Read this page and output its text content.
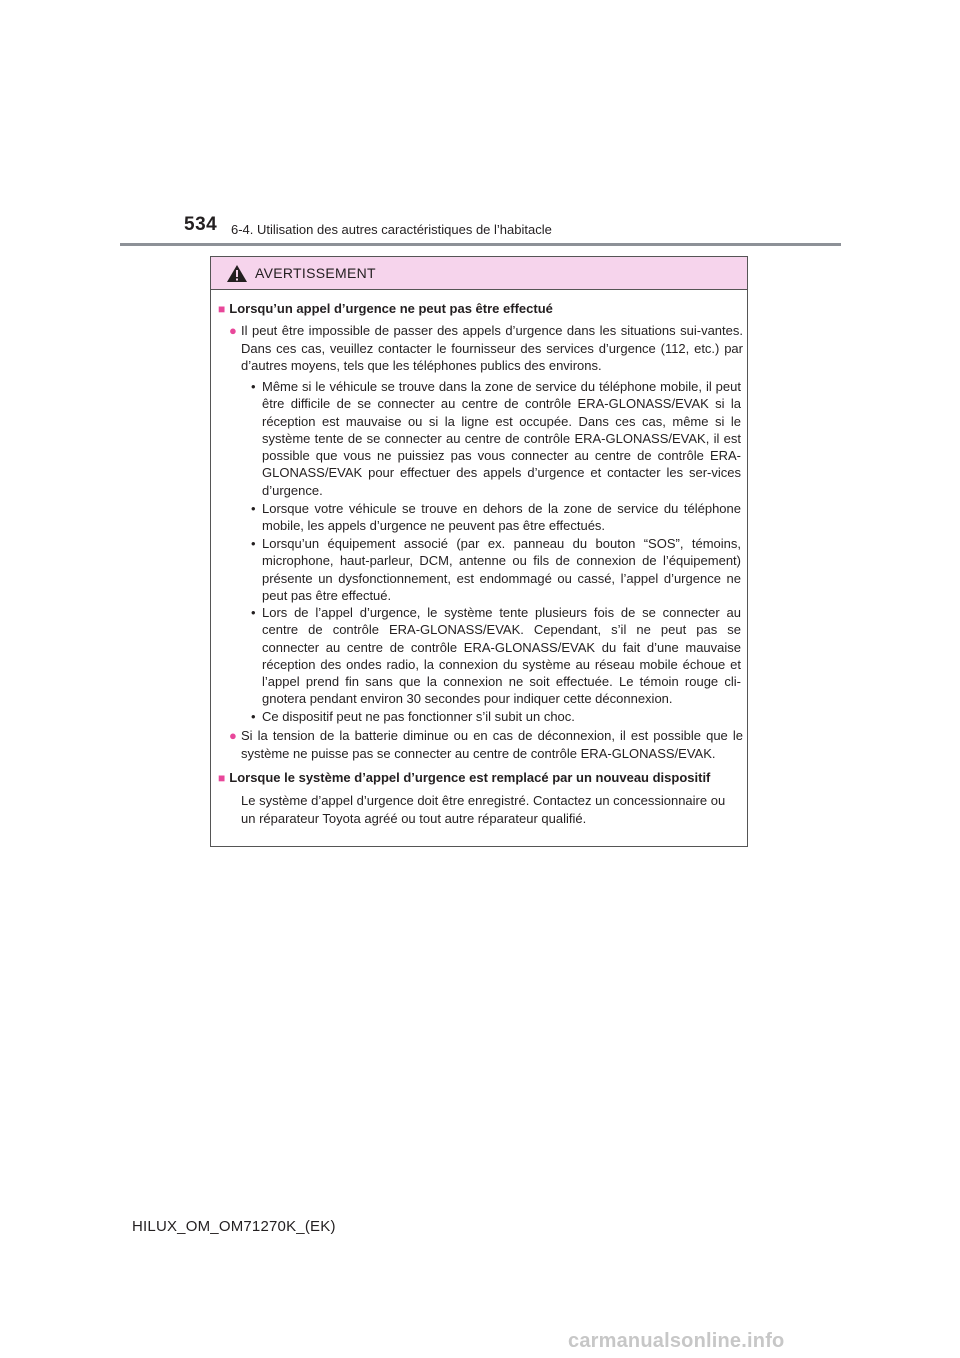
534 6-4. Utilisation des autres caractéristiques de l’habitacle
AVERTISSEMENT
■ Lorsqu’un appel d’urgence ne peut pas être effectué
● Il peut être impossible de passer des appels d’urgence dans les situations sui-vantes. Dans ces cas, veuillez contacter le fournisseur des services d’urgence (112, etc.) par d’autres moyens, tels que les téléphones publics des environs.
• Même si le véhicule se trouve dans la zone de service du téléphone mobile, il peut être difficile de se connecter au centre de contrôle ERA-GLONASS/EVAK si la réception est mauvaise ou si la ligne est occupée. Dans ces cas, même si le système tente de se connecter au centre de contrôle ERA-GLONASS/EVAK, il est possible que vous ne puissiez pas vous connecter au centre de contrôle ERA-GLONASS/EVAK pour effectuer des appels d’urgence et contacter les ser-vices d’urgence.
• Lorsque votre véhicule se trouve en dehors de la zone de service du téléphone mobile, les appels d’urgence ne peuvent pas être effectués.
• Lorsqu’un équipement associé (par ex. panneau du bouton “SOS”, témoins, microphone, haut-parleur, DCM, antenne ou fils de connexion de l’équipement) présente un dysfonctionnement, est endommagé ou cassé, l’appel d’urgence ne peut pas être effectué.
• Lors de l’appel d’urgence, le système tente plusieurs fois de se connecter au centre de contrôle ERA-GLONASS/EVAK. Cependant, s’il ne peut pas se connecter au centre de contrôle ERA-GLONASS/EVAK du fait d’une mauvaise réception des ondes radio, la connexion du système au réseau mobile échoue et l’appel prend fin sans que la connexion ne soit effectuée. Le témoin rouge cli-gnotera pendant environ 30 secondes pour indiquer cette déconnexion.
• Ce dispositif peut ne pas fonctionner s’il subit un choc.
● Si la tension de la batterie diminue ou en cas de déconnexion, il est possible que le système ne puisse pas se connecter au centre de contrôle ERA-GLONASS/EVAK.
■ Lorsque le système d’appel d’urgence est remplacé par un nouveau dispositif
Le système d’appel d’urgence doit être enregistré. Contactez un concessionnaire ou un réparateur Toyota agréé ou tout autre réparateur qualifié.
HILUX_OM_OM71270K_(EK)
carmanualsonline.info
